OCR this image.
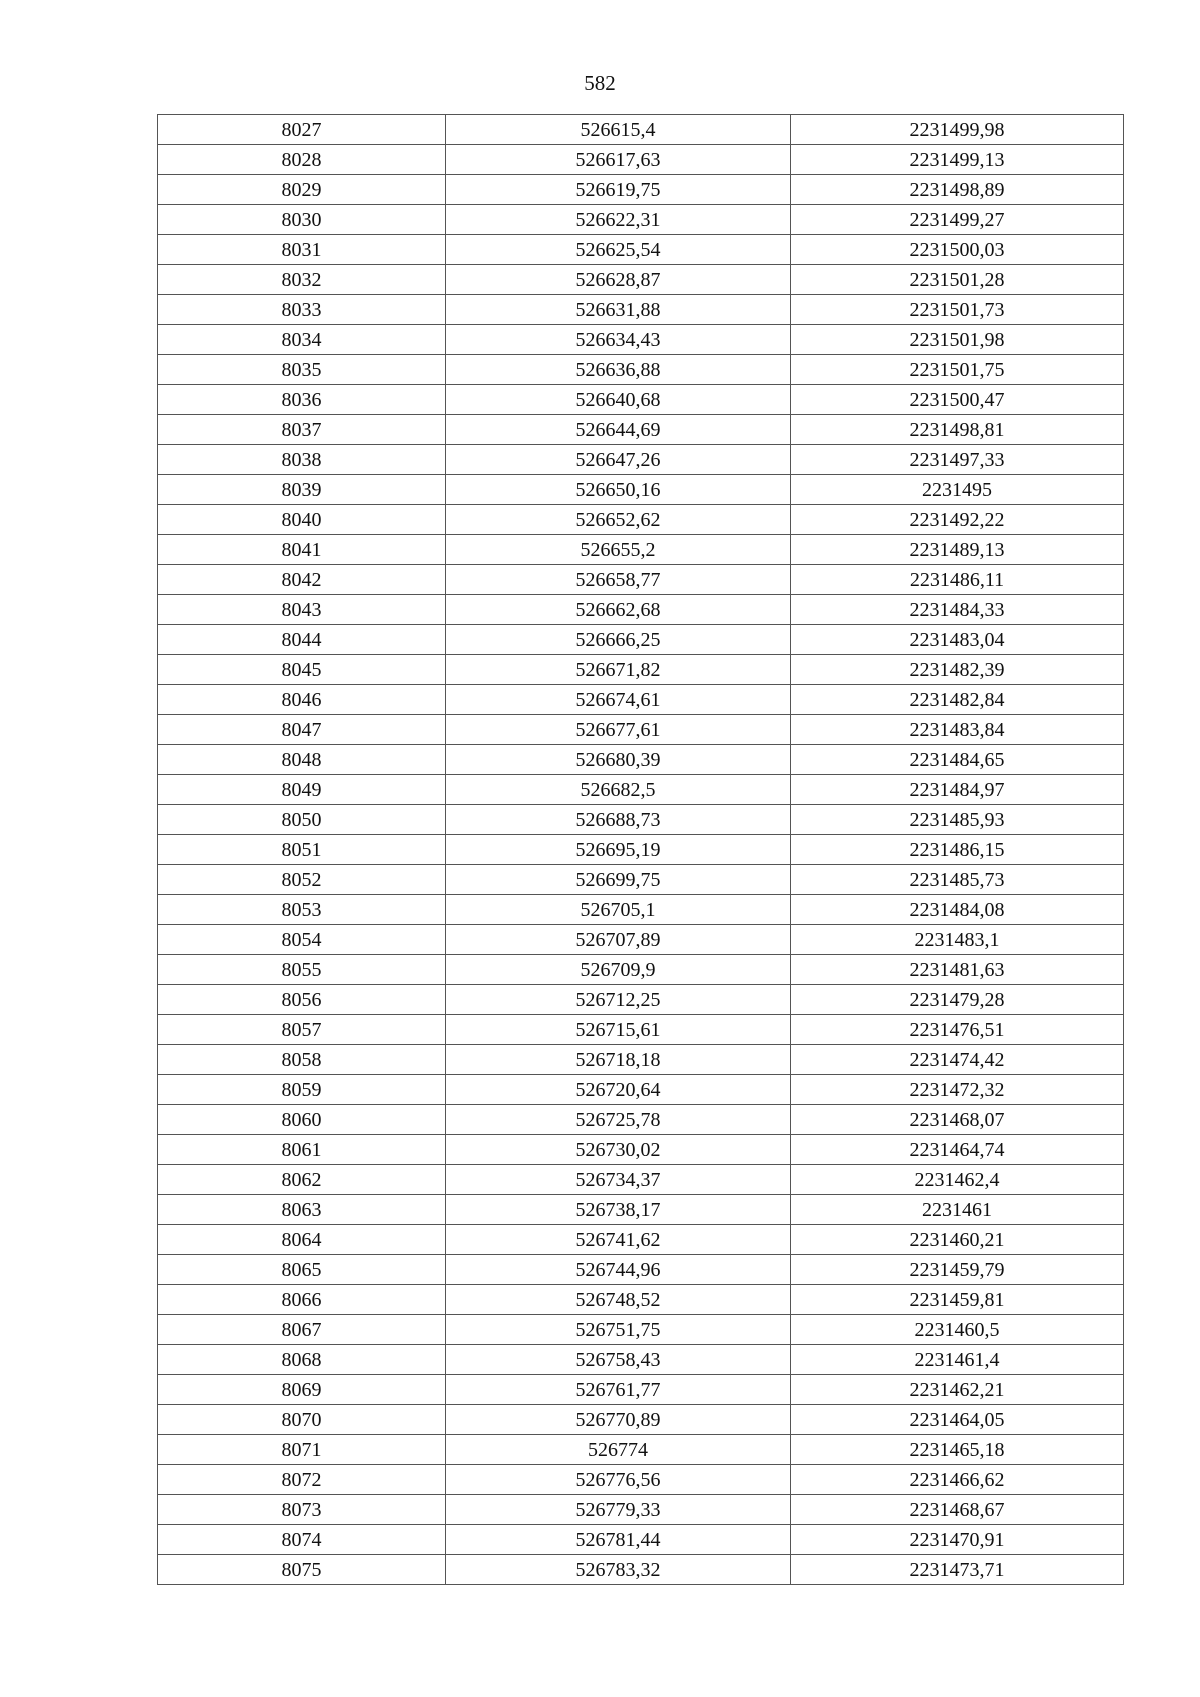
582
8027	526615,4	2231499,98
8028	526617,63	2231499,13
8029	526619,75	2231498,89
8030	526622,31	2231499,27
8031	526625,54	2231500,03
8032	526628,87	2231501,28
8033	526631,88	2231501,73
8034	526634,43	2231501,98
8035	526636,88	2231501,75
8036	526640,68	2231500,47
8037	526644,69	2231498,81
8038	526647,26	2231497,33
8039	526650,16	2231495
8040	526652,62	2231492,22
8041	526655,2	2231489,13
8042	526658,77	2231486,11
8043	526662,68	2231484,33
8044	526666,25	2231483,04
8045	526671,82	2231482,39
8046	526674,61	2231482,84
8047	526677,61	2231483,84
8048	526680,39	2231484,65
8049	526682,5	2231484,97
8050	526688,73	2231485,93
8051	526695,19	2231486,15
8052	526699,75	2231485,73
8053	526705,1	2231484,08
8054	526707,89	2231483,1
8055	526709,9	2231481,63
8056	526712,25	2231479,28
8057	526715,61	2231476,51
8058	526718,18	2231474,42
8059	526720,64	2231472,32
8060	526725,78	2231468,07
8061	526730,02	2231464,74
8062	526734,37	2231462,4
8063	526738,17	2231461
8064	526741,62	2231460,21
8065	526744,96	2231459,79
8066	526748,52	2231459,81
8067	526751,75	2231460,5
8068	526758,43	2231461,4
8069	526761,77	2231462,21
8070	526770,89	2231464,05
8071	526774	2231465,18
8072	526776,56	2231466,62
8073	526779,33	2231468,67
8074	526781,44	2231470,91
8075	526783,32	2231473,71
